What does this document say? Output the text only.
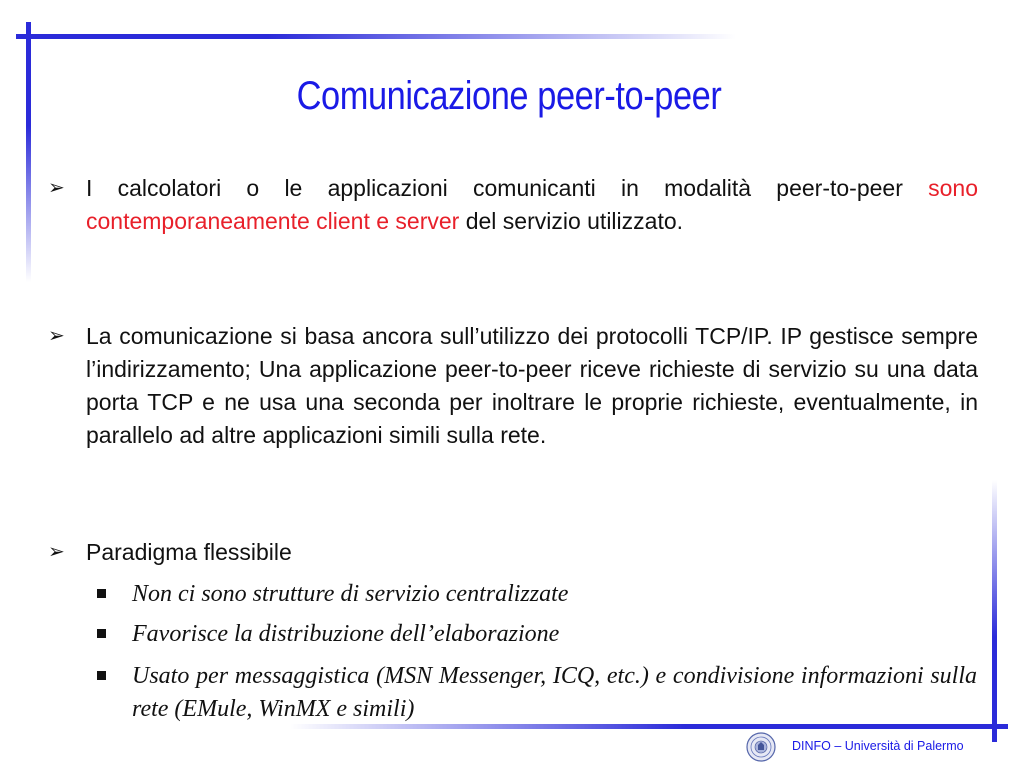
Comunicazione peer-to-peer
➢ I calcolatori o le applicazioni comunicanti in modalità peer-to-peer sono contemporaneamente client e server del servizio utilizzato.
➢ La comunicazione si basa ancora sull’utilizzo dei protocolli TCP/IP. IP gestisce sempre l’indirizzamento; Una applicazione peer-to-peer riceve richieste di servizio su una data porta TCP e ne usa una seconda per inoltrare le proprie richieste, eventualmente, in parallelo ad altre applicazioni simili sulla rete.
➢ Paradigma flessibile
Non ci sono strutture di servizio centralizzate
Favorisce la distribuzione dell’elaborazione
Usato per messaggistica (MSN Messenger, ICQ, etc.) e condivisione informazioni sulla rete (EMule, WinMX e simili)
DINFO – Università di Palermo
